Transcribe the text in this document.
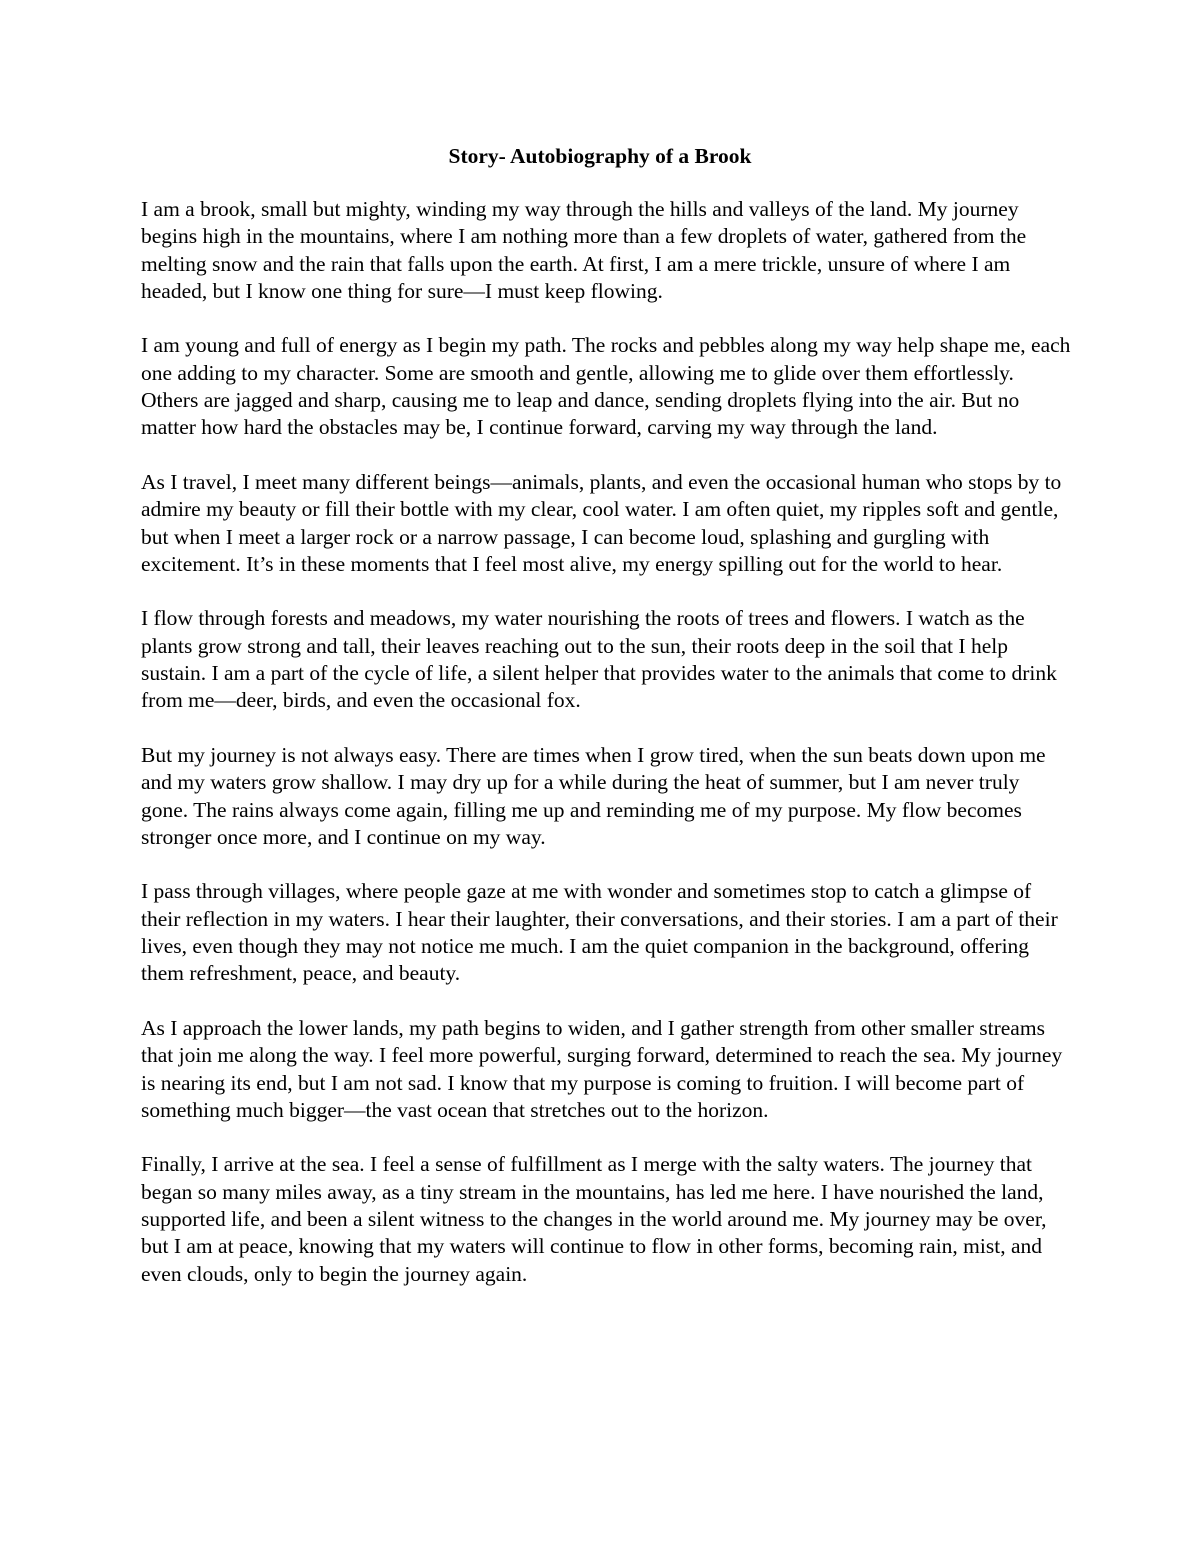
Story- Autobiography of a Brook

I am a brook, small but mighty, winding my way through the hills and valleys of the land. My journey begins high in the mountains, where I am nothing more than a few droplets of water, gathered from the melting snow and the rain that falls upon the earth. At first, I am a mere trickle, unsure of where I am headed, but I know one thing for sure—I must keep flowing.

I am young and full of energy as I begin my path. The rocks and pebbles along my way help shape me, each one adding to my character. Some are smooth and gentle, allowing me to glide over them effortlessly. Others are jagged and sharp, causing me to leap and dance, sending droplets flying into the air. But no matter how hard the obstacles may be, I continue forward, carving my way through the land.

As I travel, I meet many different beings—animals, plants, and even the occasional human who stops by to admire my beauty or fill their bottle with my clear, cool water. I am often quiet, my ripples soft and gentle, but when I meet a larger rock or a narrow passage, I can become loud, splashing and gurgling with excitement. It’s in these moments that I feel most alive, my energy spilling out for the world to hear.

I flow through forests and meadows, my water nourishing the roots of trees and flowers. I watch as the plants grow strong and tall, their leaves reaching out to the sun, their roots deep in the soil that I help sustain. I am a part of the cycle of life, a silent helper that provides water to the animals that come to drink from me—deer, birds, and even the occasional fox.

But my journey is not always easy. There are times when I grow tired, when the sun beats down upon me and my waters grow shallow. I may dry up for a while during the heat of summer, but I am never truly gone. The rains always come again, filling me up and reminding me of my purpose. My flow becomes stronger once more, and I continue on my way.

I pass through villages, where people gaze at me with wonder and sometimes stop to catch a glimpse of their reflection in my waters. I hear their laughter, their conversations, and their stories. I am a part of their lives, even though they may not notice me much. I am the quiet companion in the background, offering them refreshment, peace, and beauty.

As I approach the lower lands, my path begins to widen, and I gather strength from other smaller streams that join me along the way. I feel more powerful, surging forward, determined to reach the sea. My journey is nearing its end, but I am not sad. I know that my purpose is coming to fruition. I will become part of something much bigger—the vast ocean that stretches out to the horizon.

Finally, I arrive at the sea. I feel a sense of fulfillment as I merge with the salty waters. The journey that began so many miles away, as a tiny stream in the mountains, has led me here. I have nourished the land, supported life, and been a silent witness to the changes in the world around me. My journey may be over, but I am at peace, knowing that my waters will continue to flow in other forms, becoming rain, mist, and even clouds, only to begin the journey again.
